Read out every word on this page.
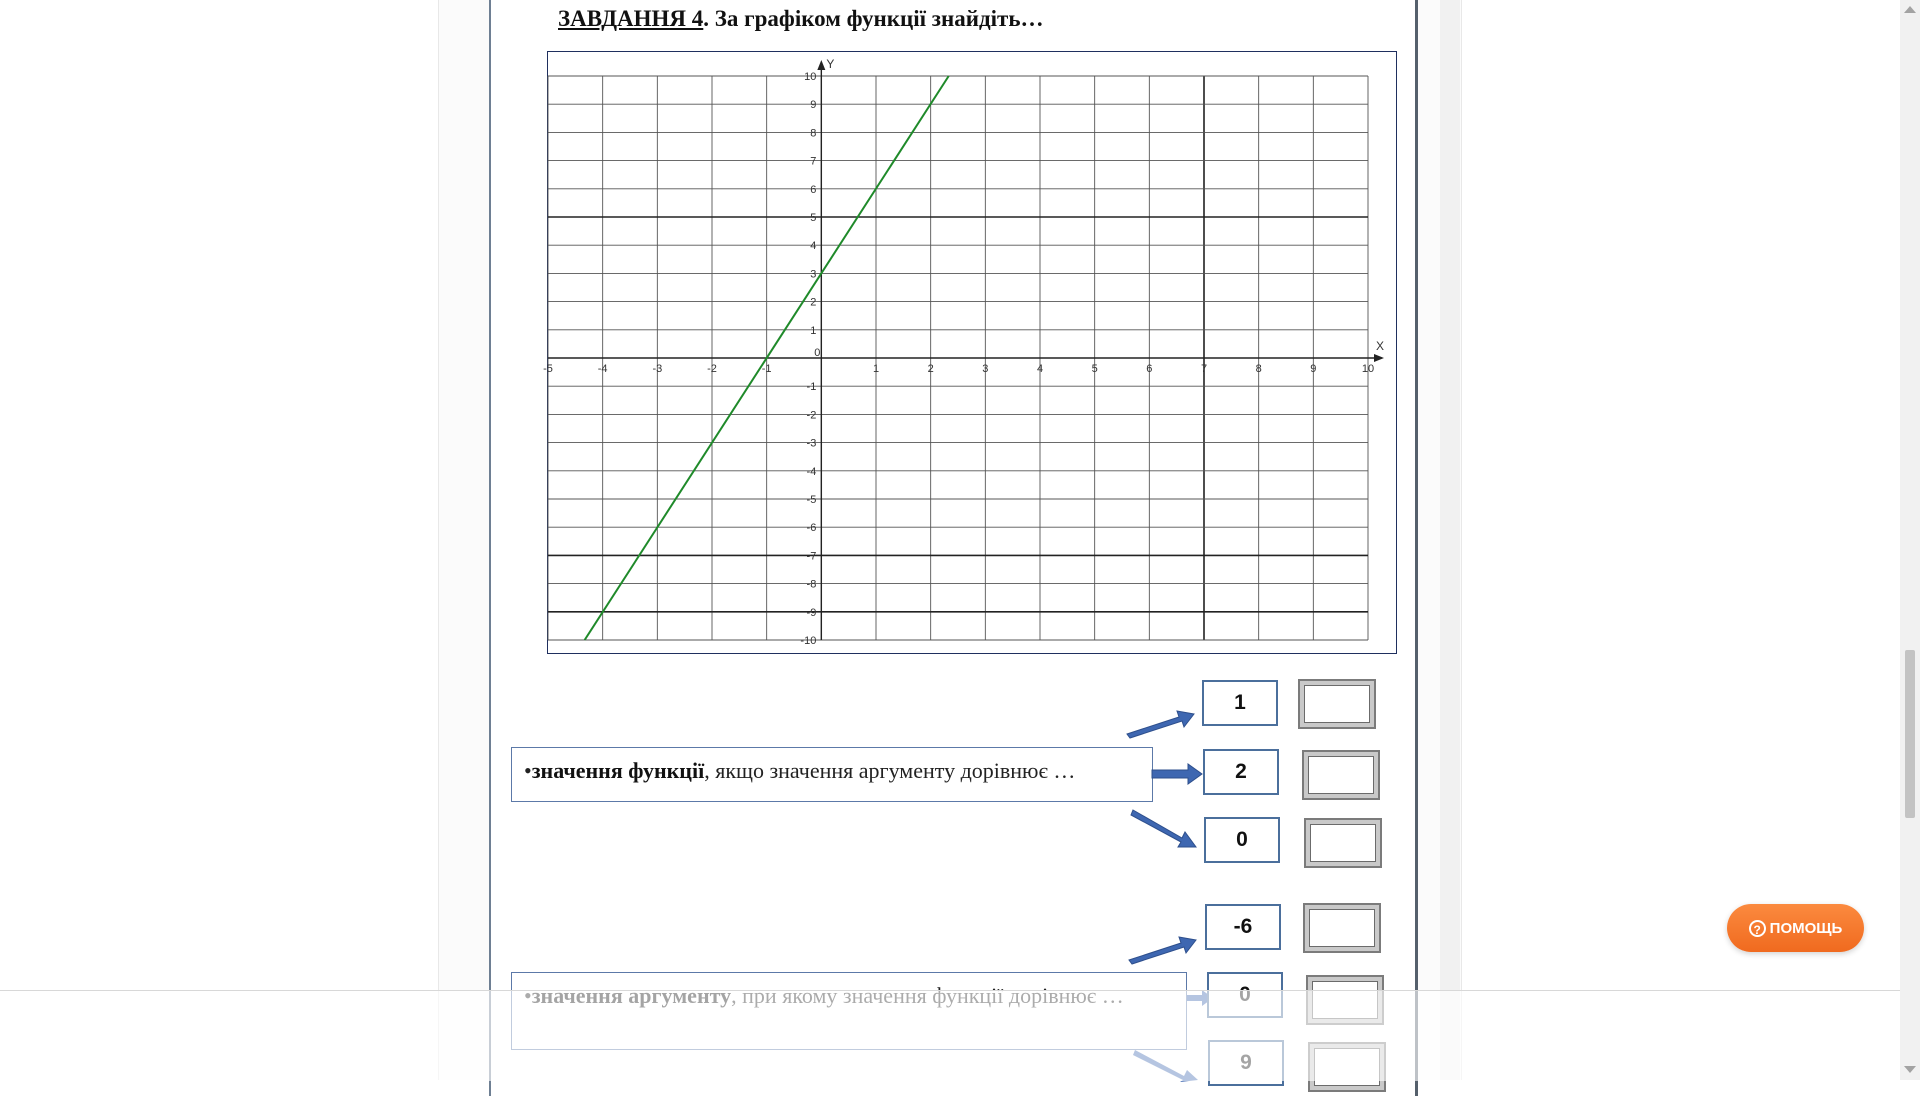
ЗАВДАННЯ 4. За графіком функції знайдіть…
X
Y
-5	-4	-3	-2	-1
0
1	2	3	4	5	6	7	8	9	10
10
9
8
7
6
5
4
3
2
1
-1
-2
-3
-4
-5
-6
-7
-8
-9
-10
•значення функції, якщо значення аргументу дорівнює …
1
2
0
-6	? ПОМОЩЬ
